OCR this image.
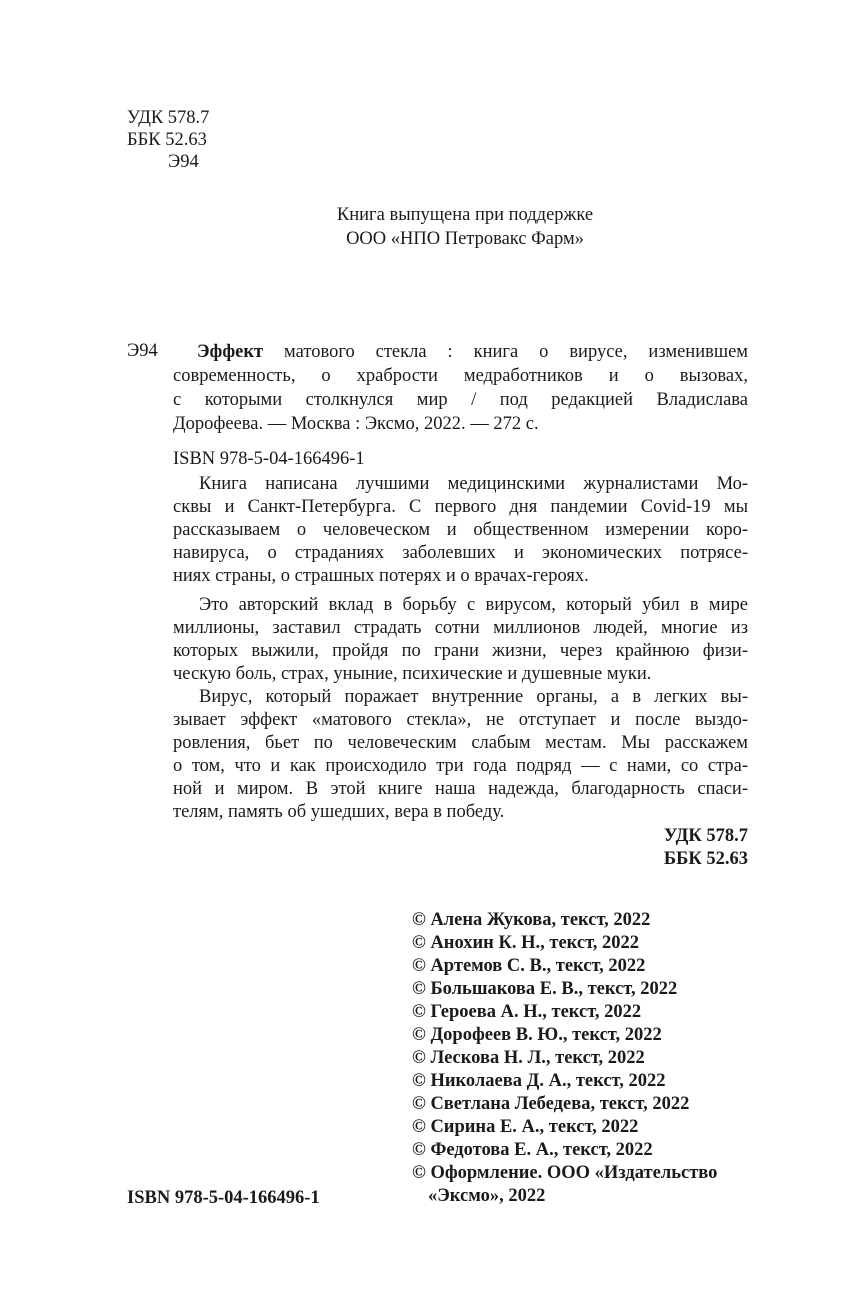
УДК 578.7
ББК 52.63
Э94
Книга выпущена при поддержке
ООО «НПО Петровакс Фарм»
Э94 Эффект матового стекла : книга о вирусе, изменившем
современность, о храбрости медработников и о вызовах,
с которыми столкнулся мир / под редакцией Владислава
Дорофеева. — Москва : Эксмо, 2022. — 272 с.
ISBN 978-5-04-166496-1
Книга написана лучшими медицинскими журналистами Мо-
сквы и Санкт-Петербурга. С первого дня пандемии Covid-19 мы
рассказываем о человеческом и общественном измерении коро-
навируса, о страданиях заболевших и экономических потрясе-
ниях страны, о страшных потерях и о врачах-героях.
Это авторский вклад в борьбу с вирусом, который убил в мире
миллионы, заставил страдать сотни миллионов людей, многие из
которых выжили, пройдя по грани жизни, через крайнюю физи-
ческую боль, страх, уныние, психические и душевные муки.
Вирус, который поражает внутренние органы, а в легких вы-
зывает эффект «матового стекла», не отступает и после выздо-
ровления, бьет по человеческим слабым местам. Мы расскажем
о том, что и как происходило три года подряд — с нами, со стра-
ной и миром. В этой книге наша надежда, благодарность спаси-
телям, память об ушедших, вера в победу.
УДК 578.7
ББК 52.63
© Алена Жукова, текст, 2022
© Анохин К. Н., текст, 2022
© Артемов С. В., текст, 2022
© Большакова Е. В., текст, 2022
© Героева А. Н., текст, 2022
© Дорофеев В. Ю., текст, 2022
© Лескова Н. Л., текст, 2022
© Николаева Д. А., текст, 2022
© Светлана Лебедева, текст, 2022
© Сирина Е. А., текст, 2022
© Федотова Е. А., текст, 2022
© Оформление. ООО «Издательство
«Эксмо», 2022
ISBN 978-5-04-166496-1
